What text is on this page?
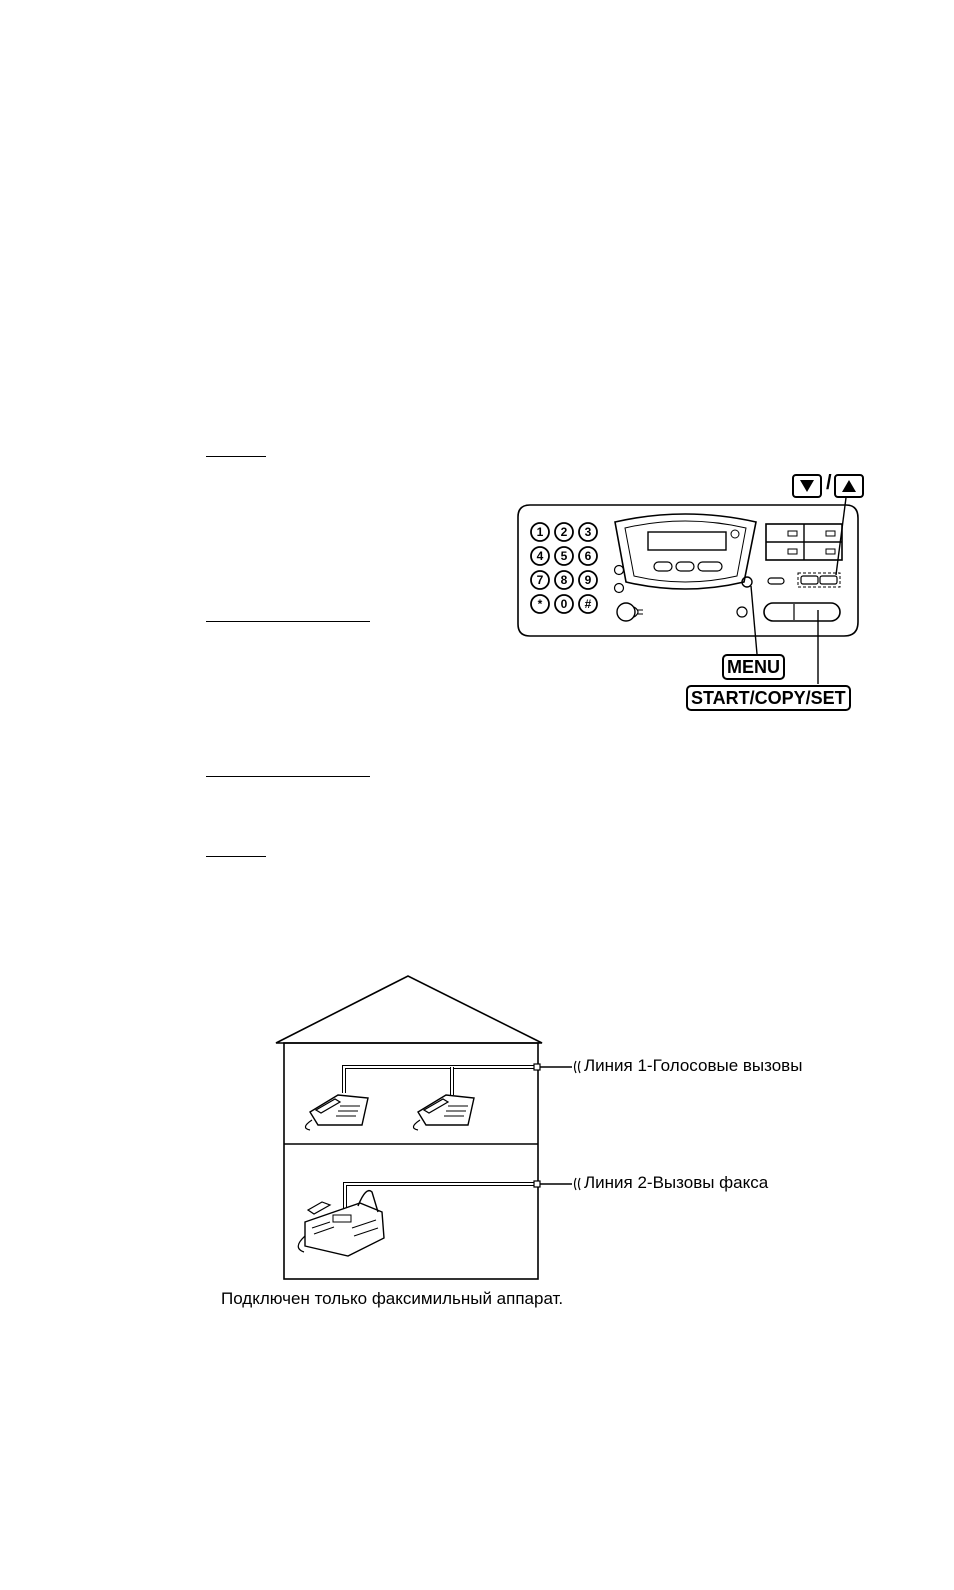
1 2 3
4 5 6
7 8 9
* 0 #
/
MENU
START/COPY/SET
Линия 1-Голосовые вызовы
Линия 2-Вызовы факса
Подключен только факсимильный аппарат.
